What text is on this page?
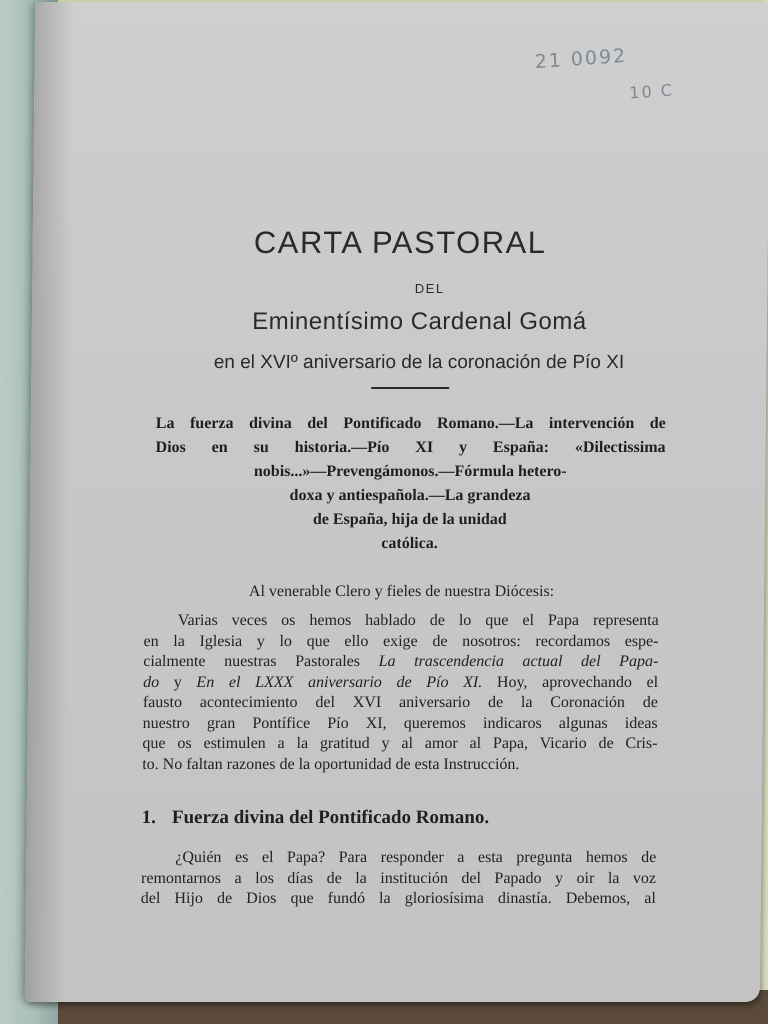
21 0092
10 C
CARTA PASTORAL
DEL
Eminentísimo Cardenal Gomá
en el XVIº aniversario de la coronación de Pío XI
La fuerza divina del Pontificado Romano.—La intervención de
Dios en su historia.—Pío XI y España: «Dilectissima
nobis...»—Prevengámonos.—Fórmula hetero-
doxa y antiespañola.—La grandeza
de España, hija de la unidad
católica.
Al venerable Clero y fieles de nuestra Diócesis:
Varias veces os hemos hablado de lo que el Papa representa
en la Iglesia y lo que ello exige de nosotros: recordamos espe-
cialmente nuestras Pastorales La trascendencia actual del Papa-
do y En el LXXX aniversario de Pío XI. Hoy, aprovechando el
fausto acontecimiento del XVI aniversario de la Coronación de
nuestro gran Pontífice Pío XI, queremos indicaros algunas ideas
que os estimulen a la gratitud y al amor al Papa, Vicario de Cris-
to. No faltan razones de la oportunidad de esta Instrucción.
1. Fuerza divina del Pontificado Romano.
¿Quién es el Papa? Para responder a esta pregunta hemos de
remontarnos a los días de la institución del Papado y oir la voz
del Hijo de Dios que fundó la gloriosísima dinastía. Debemos, al
